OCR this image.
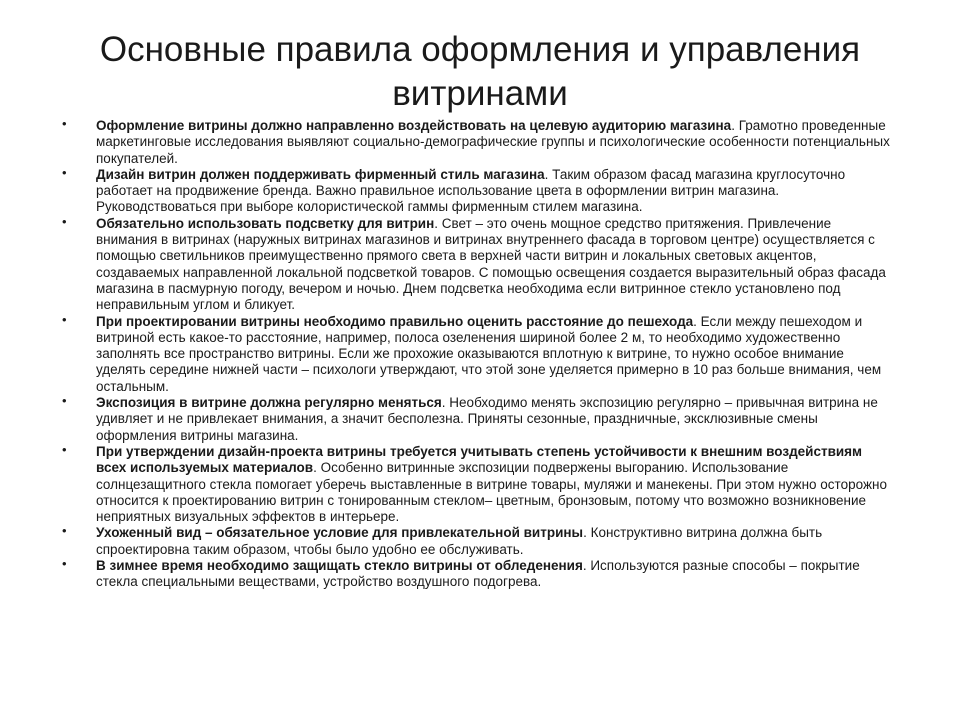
Основные правила оформления и управления витринами
• Оформление витрины должно направленно воздействовать на целевую аудиторию магазина. Грамотно проведенные маркетинговые исследования выявляют социально-демографические группы и психологические особенности потенциальных покупателей.
• Дизайн витрин должен поддерживать фирменный стиль магазина. Таким образом фасад магазина круглосуточно работает на продвижение бренда. Важно правильное использование цвета в оформлении витрин магазина. Руководствоваться при выборе колористической гаммы фирменным стилем магазина.
• Обязательно использовать подсветку для витрин. Свет – это очень мощное средство притяжения. Привлечение внимания в витринах (наружных витринах магазинов и витринах внутреннего фасада в торговом центре) осуществляется с помощью светильников преимущественно прямого света в верхней части витрин и локальных световых акцентов, создаваемых направленной локальной подсветкой товаров. С помощью освещения создается выразительный образ фасада магазина в пасмурную погоду, вечером и ночью. Днем подсветка необходима если витринное стекло установлено под неправильным углом и бликует.
• При проектировании витрины необходимо правильно оценить расстояние до пешехода. Если между пешеходом и витриной есть какое-то расстояние, например, полоса озеленения шириной более 2 м, то необходимо художественно заполнять все пространство витрины. Если же прохожие оказываются вплотную к витрине, то нужно особое внимание уделять середине нижней части – психологи утверждают, что этой зоне уделяется примерно в 10 раз больше внимания, чем остальным.
• Экспозиция в витрине должна регулярно меняться. Необходимо менять экспозицию регулярно – привычная витрина не удивляет и не привлекает внимания, а значит бесполезна. Приняты сезонные, праздничные, эксклюзивные смены оформления витрины магазина.
• При утверждении дизайн-проекта витрины требуется учитывать степень устойчивости к внешним воздействиям всех используемых материалов. Особенно витринные экспозиции подвержены выгоранию. Использование солнцезащитного стекла помогает уберечь выставленные в витрине товары, муляжи и манекены. При этом нужно осторожно относится к проектированию витрин с тонированным стеклом– цветным, бронзовым, потому что возможно возникновение неприятных визуальных эффектов в интерьере.
• Ухоженный вид – обязательное условие для привлекательной витрины. Конструктивно витрина должна быть спроектировна таким образом, чтобы было удобно ее обслуживать.
• В зимнее время необходимо защищать стекло витрины от обледенения. Используются разные способы – покрытие стекла специальными веществами, устройство воздушного подогрева.
